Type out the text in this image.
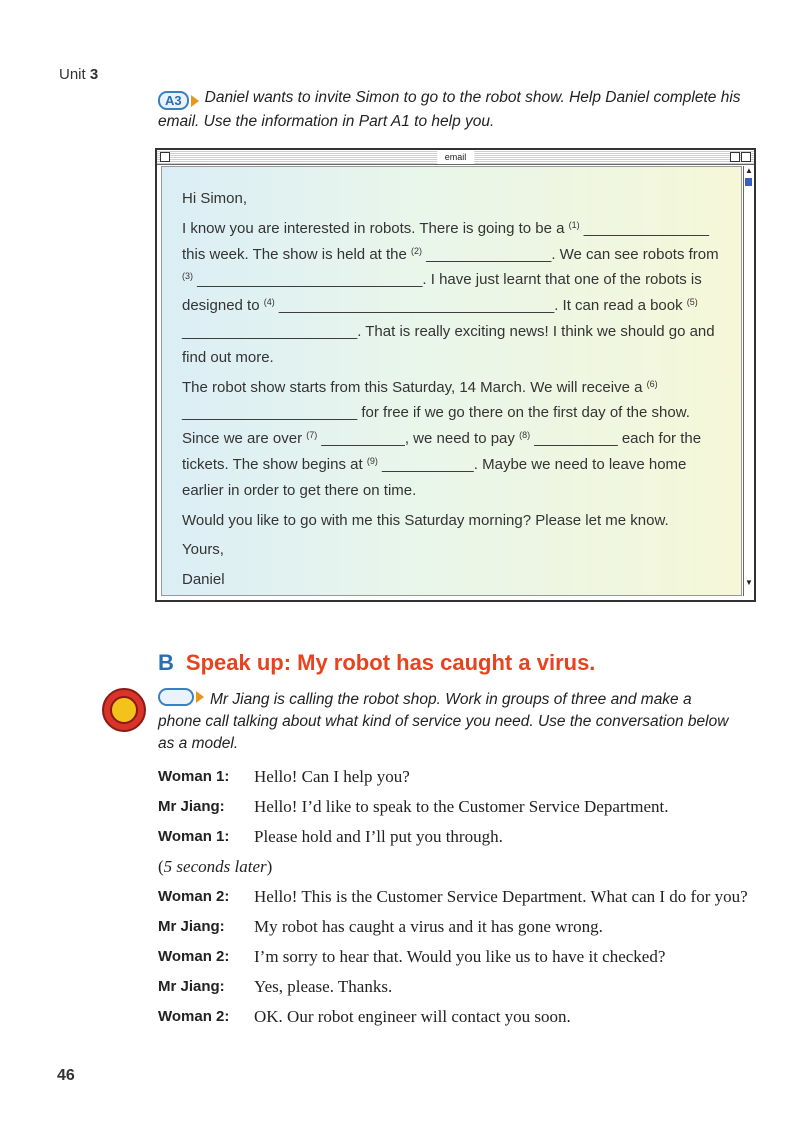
Unit 3
A3	Daniel wants to invite Simon to go to the robot show. Help Daniel complete his email. Use the information in Part A1 to help you.
email
▲
▼

Hi Simon,

I know you are interested in robots. There is going to be a $^{(1)}$ _______________ this week. The show is held at the $^{(2)}$ _______________. We can see robots from $^{(3)}$ ___________________________. I have just learnt that one of the robots is designed to $^{(4)}$ _________________________________. It can read a book $^{(5)}$ _____________________. That is really exciting news! I think we should go and find out more.

The robot show starts from this Saturday, 14 March. We will receive a $^{(6)}$ _____________________ for free if we go there on the first day of the show. Since we are over $^{(7)}$ __________, we need to pay $^{(8)}$ __________ each for the tickets. The show begins at $^{(9)}$ ___________. Maybe we need to leave home earlier in order to get there on time.

Would you like to go with me this Saturday morning? Please let me know.

Yours,

Daniel

B Speak up: My robot has caught a virus.
Mr Jiang is calling the robot shop. Work in groups of three and make a phone call talking about what kind of service you need. Use the conversation below as a model.
Woman 1:	Hello! Can I help you?
Mr Jiang:	Hello! I’d like to speak to the Customer Service Department.
Woman 1:	Please hold and I’ll put you through.
(5 seconds later)
Woman 2:	Hello! This is the Customer Service Department. What can I do for you?
Mr Jiang:	My robot has caught a virus and it has gone wrong.
Woman 2:	I’m sorry to hear that. Would you like us to have it checked?
Mr Jiang:	Yes, please. Thanks.
Woman 2:	OK. Our robot engineer will contact you soon.
46
